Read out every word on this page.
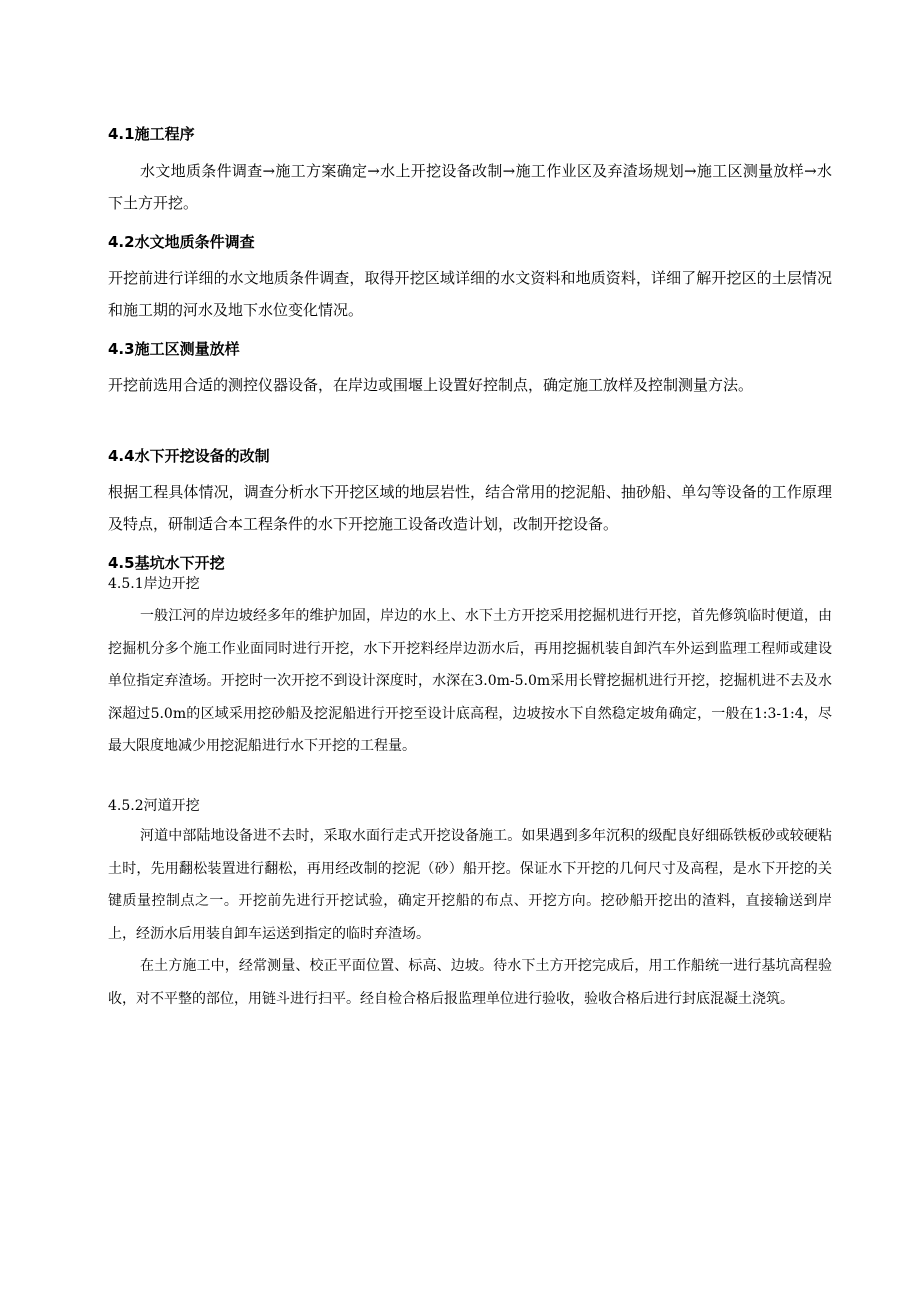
4.1施工程序
水文地质条件调查→施工方案确定→水上开挖设备改制→施工作业区及弃渣场规划→施工区测量放样→水下土方开挖。
4.2水文地质条件调查
开挖前进行详细的水文地质条件调查，取得开挖区域详细的水文资料和地质资料，详细了解开挖区的土层情况和施工期的河水及地下水位变化情况。
4.3施工区测量放样
开挖前选用合适的测控仪器设备，在岸边或围堰上设置好控制点，确定施工放样及控制测量方法。
4.4水下开挖设备的改制
根据工程具体情况，调查分析水下开挖区域的地层岩性，结合常用的挖泥船、抽砂船、单勾等设备的工作原理及特点，研制适合本工程条件的水下开挖施工设备改造计划，改制开挖设备。
4.5基坑水下开挖
4.5.1岸边开挖
一般江河的岸边坡经多年的维护加固，岸边的水上、水下土方开挖采用挖掘机进行开挖，首先修筑临时便道，由挖掘机分多个施工作业面同时进行开挖，水下开挖料经岸边沥水后，再用挖掘机装自卸汽车外运到监理工程师或建设单位指定弃渣场。开挖时一次开挖不到设计深度时，水深在3.0m-5.0m采用长臂挖掘机进行开挖，挖掘机进不去及水深超过5.0m的区域采用挖砂船及挖泥船进行开挖至设计底高程，边坡按水下自然稳定坡角确定，一般在1:3-1:4，尽最大限度地减少用挖泥船进行水下开挖的工程量。
4.5.2河道开挖
河道中部陆地设备进不去时，采取水面行走式开挖设备施工。如果遇到多年沉积的级配良好细砾铁板砂或较硬粘土时，先用翻松装置进行翻松，再用经改制的挖泥（砂）船开挖。保证水下开挖的几何尺寸及高程，是水下开挖的关键质量控制点之一。开挖前先进行开挖试验，确定开挖船的布点、开挖方向。挖砂船开挖出的渣料，直接输送到岸上，经沥水后用装自卸车运送到指定的临时弃渣场。
在土方施工中，经常测量、校正平面位置、标高、边坡。待水下土方开挖完成后，用工作船统一进行基坑高程验收，对不平整的部位，用链斗进行扫平。经自检合格后报监理单位进行验收，验收合格后进行封底混凝土浇筑。
